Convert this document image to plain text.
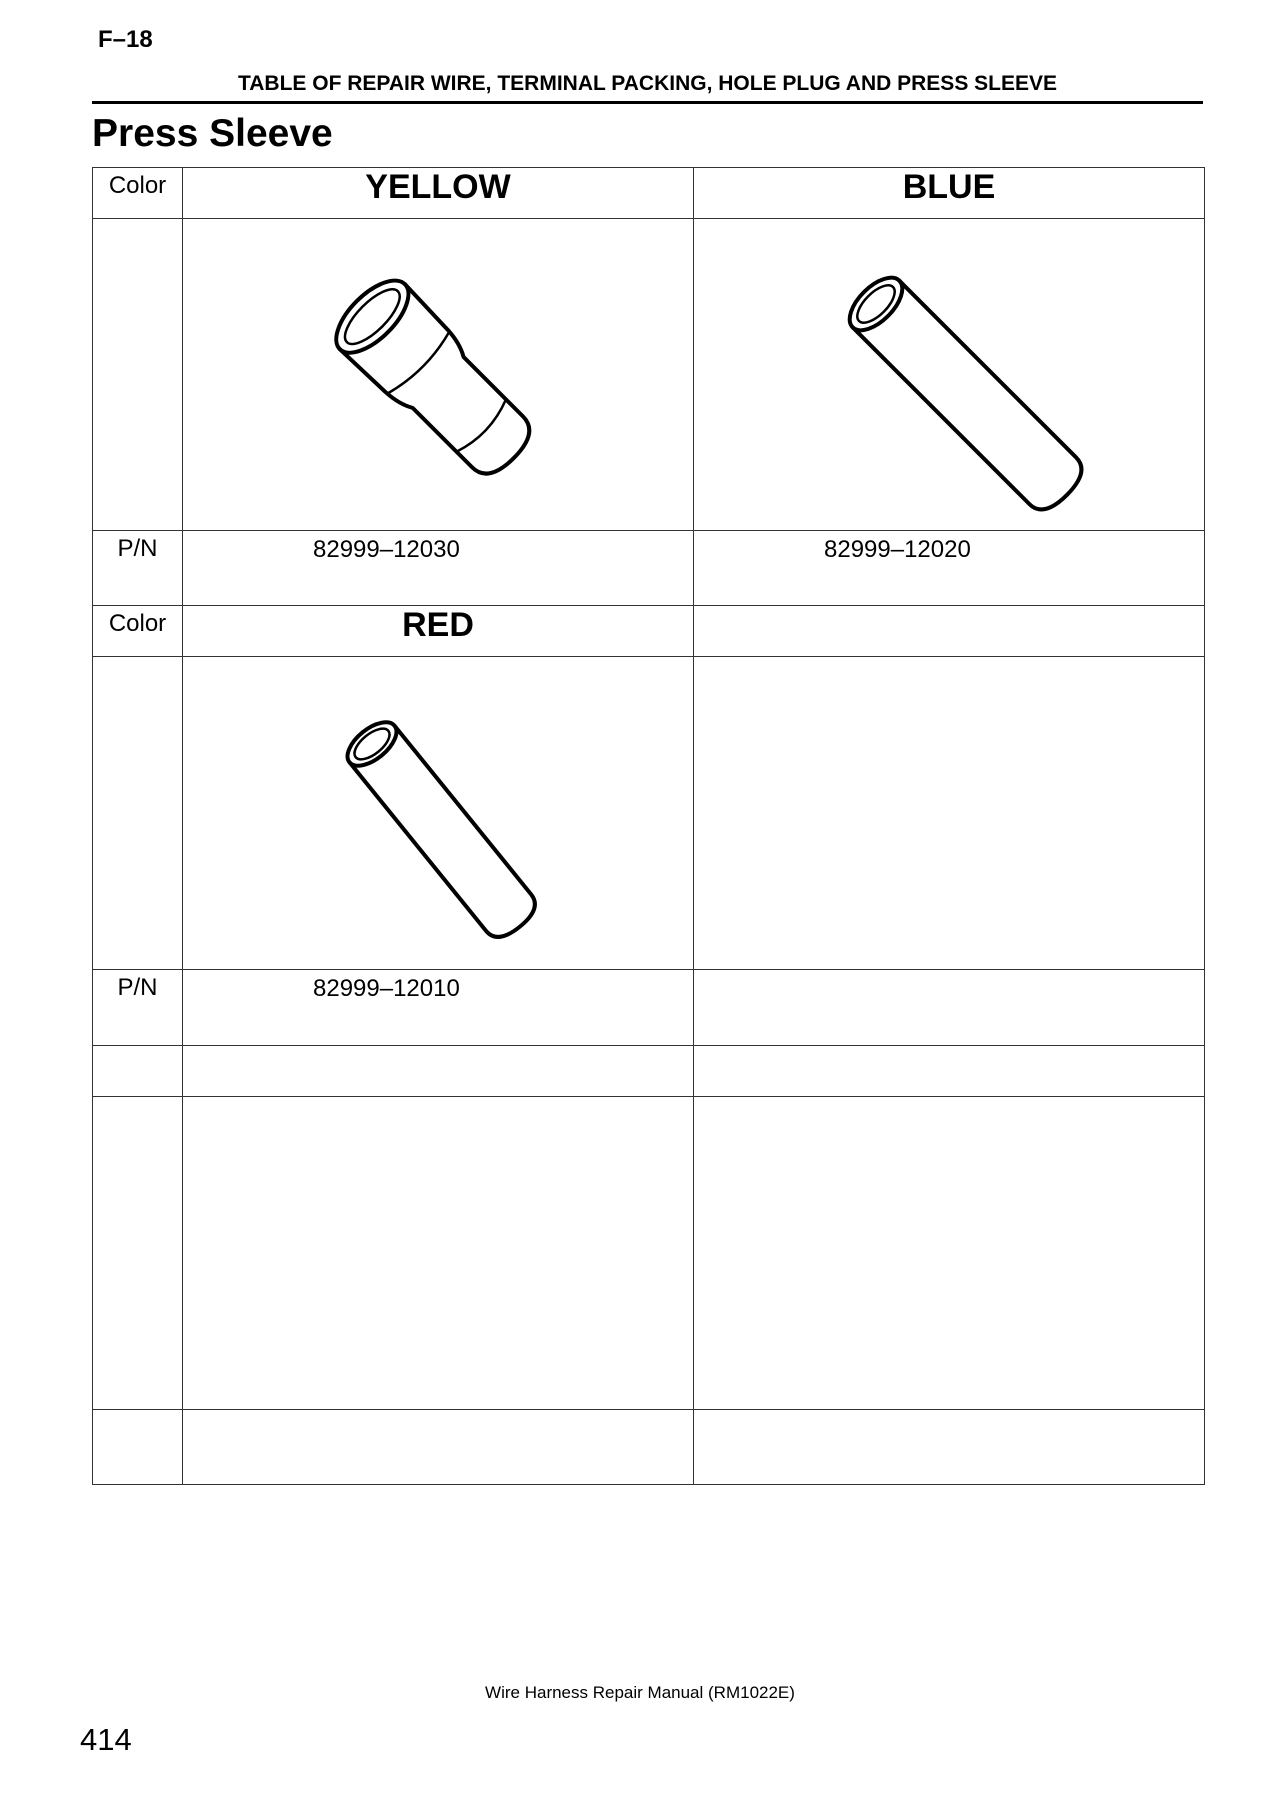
F–18
TABLE OF REPAIR WIRE, TERMINAL PACKING, HOLE PLUG AND PRESS SLEEVE
Press Sleeve
Color	YELLOW	BLUE

P/N	82999–12030	82999–12020

Color	RED	

P/N	82999–12010	

Wire Harness Repair Manual (RM1022E)
414
